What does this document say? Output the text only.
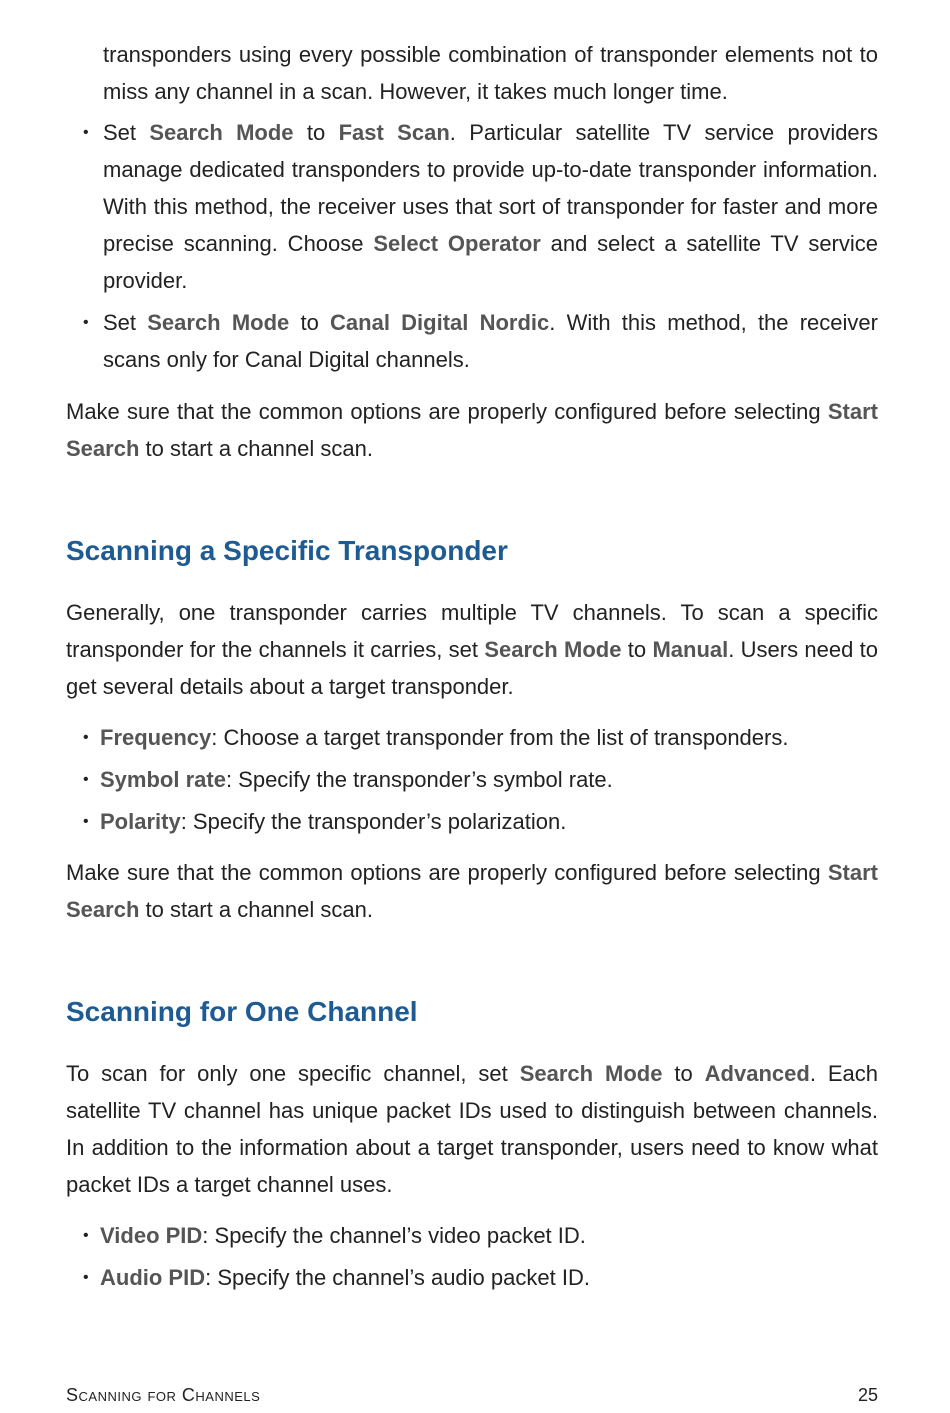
transponders using every possible combination of transponder elements not to miss any channel in a scan. However, it takes much longer time.

• Set Search Mode to Fast Scan. Particular satellite TV service providers manage dedicated transponders to provide up-to-date transponder information. With this method, the receiver uses that sort of transponder for faster and more precise scanning. Choose Select Operator and select a satellite TV service provider.
• Set Search Mode to Canal Digital Nordic. With this method, the receiver scans only for Canal Digital channels.

Make sure that the common options are properly configured before selecting Start Search to start a channel scan.

Scanning a Specific Transponder

Generally, one transponder carries multiple TV channels. To scan a specific transponder for the channels it carries, set Search Mode to Manual. Users need to get several details about a target transponder.

• Frequency: Choose a target transponder from the list of transponders.
• Symbol rate: Specify the transponder’s symbol rate.
• Polarity: Specify the transponder’s polarization.

Make sure that the common options are properly configured before selecting Start Search to start a channel scan.

Scanning for One Channel

To scan for only one specific channel, set Search Mode to Advanced. Each satellite TV channel has unique packet IDs used to distinguish between channels. In addition to the information about a target transponder, users need to know what packet IDs a target channel uses.

• Video PID: Specify the channel’s video packet ID.
• Audio PID: Specify the channel’s audio packet ID.
Scanning for Channels	25
